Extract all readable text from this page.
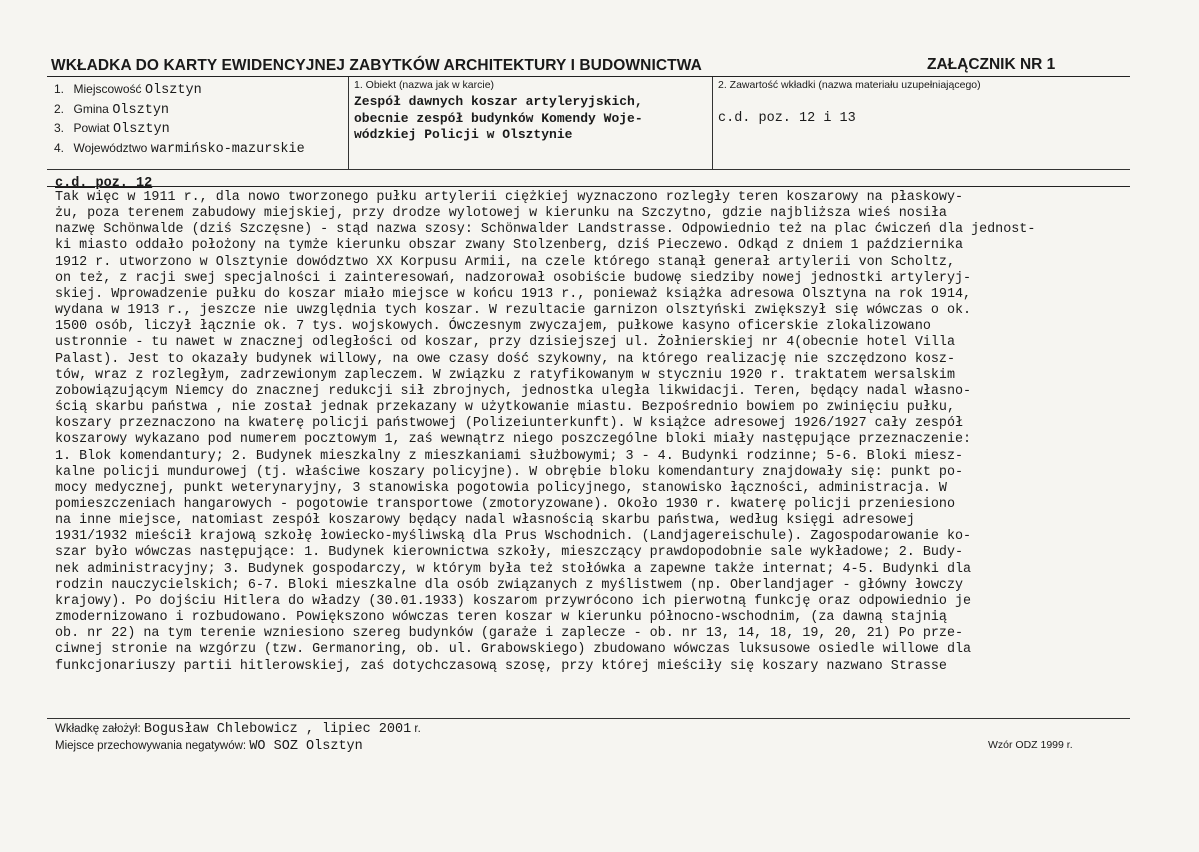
WKŁADKA DO KARTY EWIDENCYJNEJ ZABYTKÓW ARCHITEKTURY I BUDOWNICTWA	ZAŁĄCZNIK NR 1
1. Miejscowość Olsztyn
2. Gmina Olsztyn
3. Powiat Olsztyn
4. Województwo warmińsko-mazurskie
1. Obiekt (nazwa jak w karcie)
Zespół dawnych koszar artyleryjskich,
obecnie zespół budynków Komendy Woje-
wódzkiej Policji w Olsztynie
2. Zawartość wkładki (nazwa materiału uzupełniającego)
c.d. poz. 12 i 13
c.d. poz. 12
Tak więc w 1911 r., dla nowo tworzonego pułku artylerii ciężkiej wyznaczono rozległy teren koszarowy na płaskowy-
żu, poza terenem zabudowy miejskiej, przy drodze wylotowej w kierunku na Szczytno, gdzie najbliższa wieś nosiła
nazwę Schönwalde (dziś Szczęsne) - stąd nazwa szosy: Schönwalder Landstrasse. Odpowiednio też na plac ćwiczeń dla jednost-
ki miasto oddało położony na tymże kierunku obszar zwany Stolzenberg, dziś Pieczewo. Odkąd z dniem 1 października
1912 r. utworzono w Olsztynie dowództwo XX Korpusu Armii, na czele którego stanął generał artylerii von Scholtz,
on też, z racji swej specjalności i zainteresowań, nadzorował osobiście budowę siedziby nowej jednostki artyleryj-
skiej. Wprowadzenie pułku do koszar miało miejsce w końcu 1913 r., ponieważ książka adresowa Olsztyna na rok 1914,
wydana w 1913 r., jeszcze nie uwzględnia tych koszar. W rezultacie garnizon olsztyński zwiększył się wówczas o ok.
1500 osób, liczył łącznie ok. 7 tys. wojskowych. Ówczesnym zwyczajem, pułkowe kasyno oficerskie zlokalizowano
ustronnie - tu nawet w znacznej odległości od koszar, przy dzisiejszej ul. Żołnierskiej nr 4(obecnie hotel Villa
Palast). Jest to okazały budynek willowy, na owe czasy dość szykowny, na którego realizację nie szczędzono kosz-
tów, wraz z rozległym, zadrzewionym zapleczem. W związku z ratyfikowanym w styczniu 1920 r. traktatem wersalskim
zobowiązującym Niemcy do znacznej redukcji sił zbrojnych, jednostka uległa likwidacji. Teren, będący nadal własno-
ścią skarbu państwa , nie został jednak przekazany w użytkowanie miastu. Bezpośrednio bowiem po zwinięciu pułku,
koszary przeznaczono na kwaterę policji państwowej (Polizeiunterkunft). W książce adresowej 1926/1927 cały zespół
koszarowy wykazano pod numerem pocztowym 1, zaś wewnątrz niego poszczególne bloki miały następujące przeznaczenie:
1. Blok komendantury; 2. Budynek mieszkalny z mieszkaniami służbowymi; 3 - 4. Budynki rodzinne; 5-6. Bloki miesz-
kalne policji mundurowej (tj. właściwe koszary policyjne). W obrębie bloku komendantury znajdowały się: punkt po-
mocy medycznej, punkt weterynaryjny, 3 stanowiska pogotowia policyjnego, stanowisko łączności, administracja. W
pomieszczeniach hangarowych - pogotowie transportowe (zmotoryzowane). Około 1930 r. kwaterę policji przeniesiono
na inne miejsce, natomiast zespół koszarowy będący nadal własnością skarbu państwa, według księgi adresowej
1931/1932 mieścił krajową szkołę łowiecko-myśliwską dla Prus Wschodnich. (Landjagereischule). Zagospodarowanie ko-
szar było wówczas następujące: 1. Budynek kierownictwa szkoły, mieszczący prawdopodobnie sale wykładowe; 2. Budy-
nek administracyjny; 3. Budynek gospodarczy, w którym była też stołówka a zapewne także internat; 4-5. Budynki dla
rodzin nauczycielskich; 6-7. Bloki mieszkalne dla osób związanych z myślistwem (np. Oberlandjager - główny łowczy
krajowy). Po dojściu Hitlera do władzy (30.01.1933) koszarom przywrócono ich pierwotną funkcję oraz odpowiednio je
zmodernizowano i rozbudowano. Powiększono wówczas teren koszar w kierunku północno-wschodnim, (za dawną stajnią
ob. nr 22) na tym terenie wzniesiono szereg budynków (garaże i zaplecze - ob. nr 13, 14, 18, 19, 20, 21) Po prze-
ciwnej stronie na wzgórzu (tzw. Germanoring, ob. ul. Grabowskiego) zbudowano wówczas luksusowe osiedle willowe dla
funkcjonariuszy partii hitlerowskiej, zaś dotychczasową szosę, przy której mieściły się koszary nazwano Strasse
Wkładkę założył: Bogusław Chlebowicz , lipiec 2001 r.
Miejsce przechowywania negatywów: WO SOZ Olsztyn	Wzór ODZ 1999 r.
